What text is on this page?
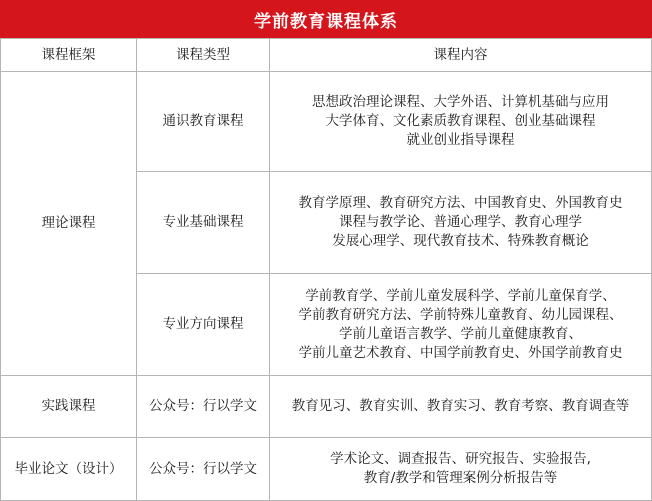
学前教育课程体系
课程框架	课程类型	课程内容
理论课程	通识教育课程	思想政治理论课程、大学外语、计算机基础与应用
大学体育、文化素质教育课程、创业基础课程
就业创业指导课程

	专业基础课程	教育学原理、教育研究方法、中国教育史、外国教育史
课程与教学论、普通心理学、教育心理学
发展心理学、现代教育技术、特殊教育概论

	专业方向课程	学前教育学、学前儿童发展科学、学前儿童保育学、
学前教育研究方法、学前特殊儿童教育、幼儿园课程、
学前儿童语言教学、学前儿童健康教育、
学前儿童艺术教育、中国学前教育史、外国学前教育史

实践课程	公众号：行以学文	教育见习、教育实训、教育实习、教育考察、教育调查等

毕业论文（设计）	公众号：行以学文	学术论文、调查报告、研究报告、实验报告,
教育/教学和管理案例分析报告等
